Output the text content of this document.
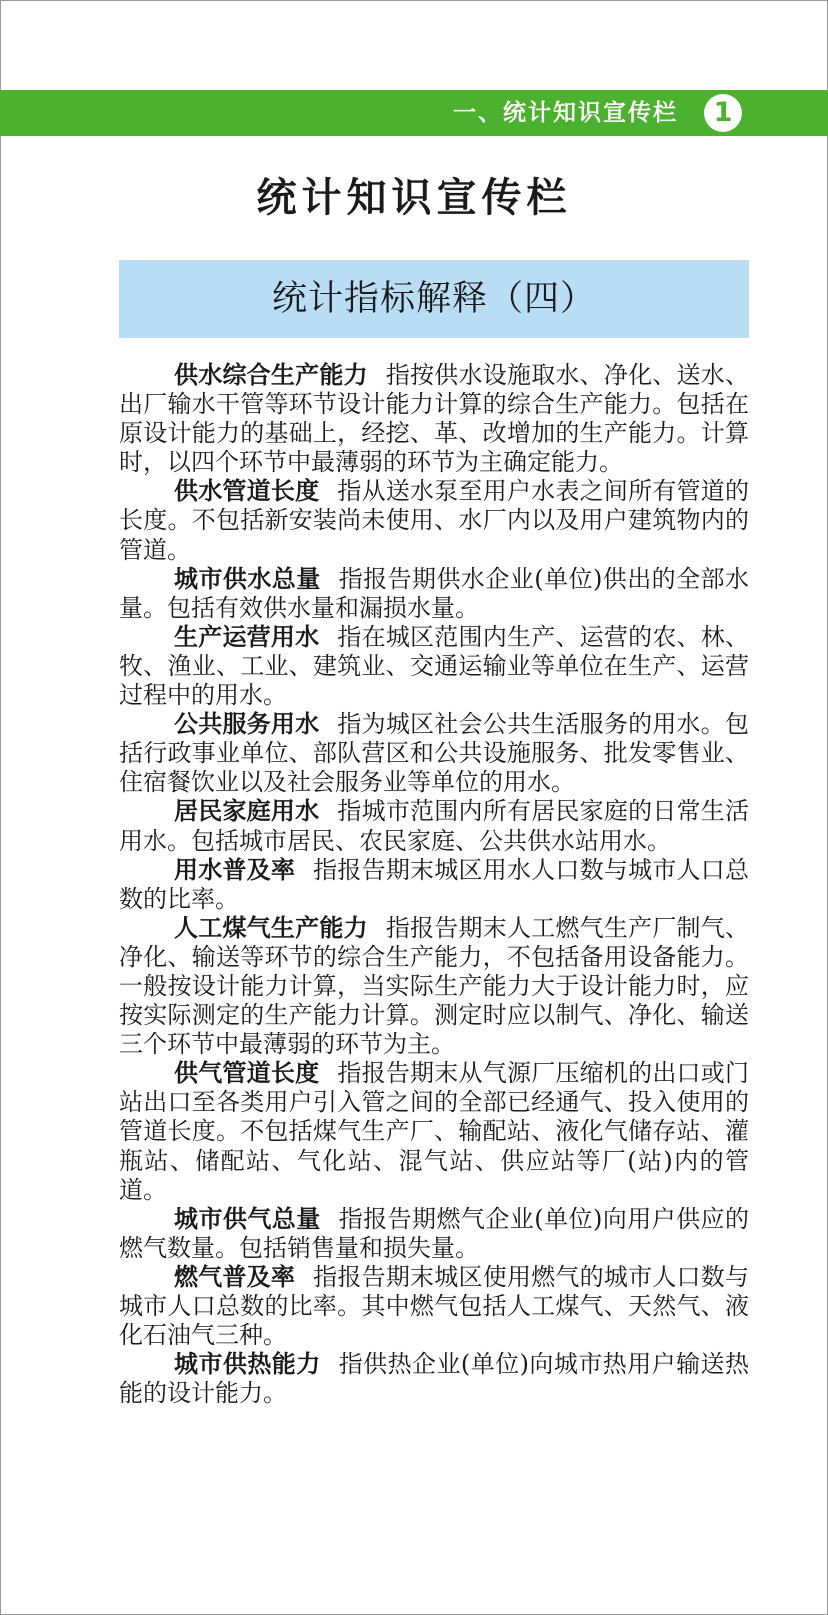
一、统计知识宣传栏	1
统计知识宣传栏
统计指标解释（四）

供水综合生产能力 指按供水设施取水、净化、送水、出厂输水干管等环节设计能力计算的综合生产能力。包括在原设计能力的基础上，经挖、革、改增加的生产能力。计算时，以四个环节中最薄弱的环节为主确定能力。

供水管道长度 指从送水泵至用户水表之间所有管道的长度。不包括新安装尚未使用、水厂内以及用户建筑物内的管道。

城市供水总量 指报告期供水企业(单位)供出的全部水量。包括有效供水量和漏损水量。

生产运营用水 指在城区范围内生产、运营的农、林、牧、渔业、工业、建筑业、交通运输业等单位在生产、运营过程中的用水。

公共服务用水 指为城区社会公共生活服务的用水。包括行政事业单位、部队营区和公共设施服务、批发零售业、住宿餐饮业以及社会服务业等单位的用水。

居民家庭用水 指城市范围内所有居民家庭的日常生活用水。包括城市居民、农民家庭、公共供水站用水。

用水普及率 指报告期末城区用水人口数与城市人口总数的比率。

人工煤气生产能力 指报告期末人工燃气生产厂制气、净化、输送等环节的综合生产能力，不包括备用设备能力。一般按设计能力计算，当实际生产能力大于设计能力时，应按实际测定的生产能力计算。测定时应以制气、净化、输送三个环节中最薄弱的环节为主。

供气管道长度 指报告期末从气源厂压缩机的出口或门站出口至各类用户引入管之间的全部已经通气、投入使用的管道长度。不包括煤气生产厂、输配站、液化气储存站、灌瓶站、储配站、气化站、混气站、供应站等厂(站)内的管道。

城市供气总量 指报告期燃气企业(单位)向用户供应的燃气数量。包括销售量和损失量。

燃气普及率 指报告期末城区使用燃气的城市人口数与城市人口总数的比率。其中燃气包括人工煤气、天然气、液化石油气三种。

城市供热能力 指供热企业(单位)向城市热用户输送热能的设计能力。
